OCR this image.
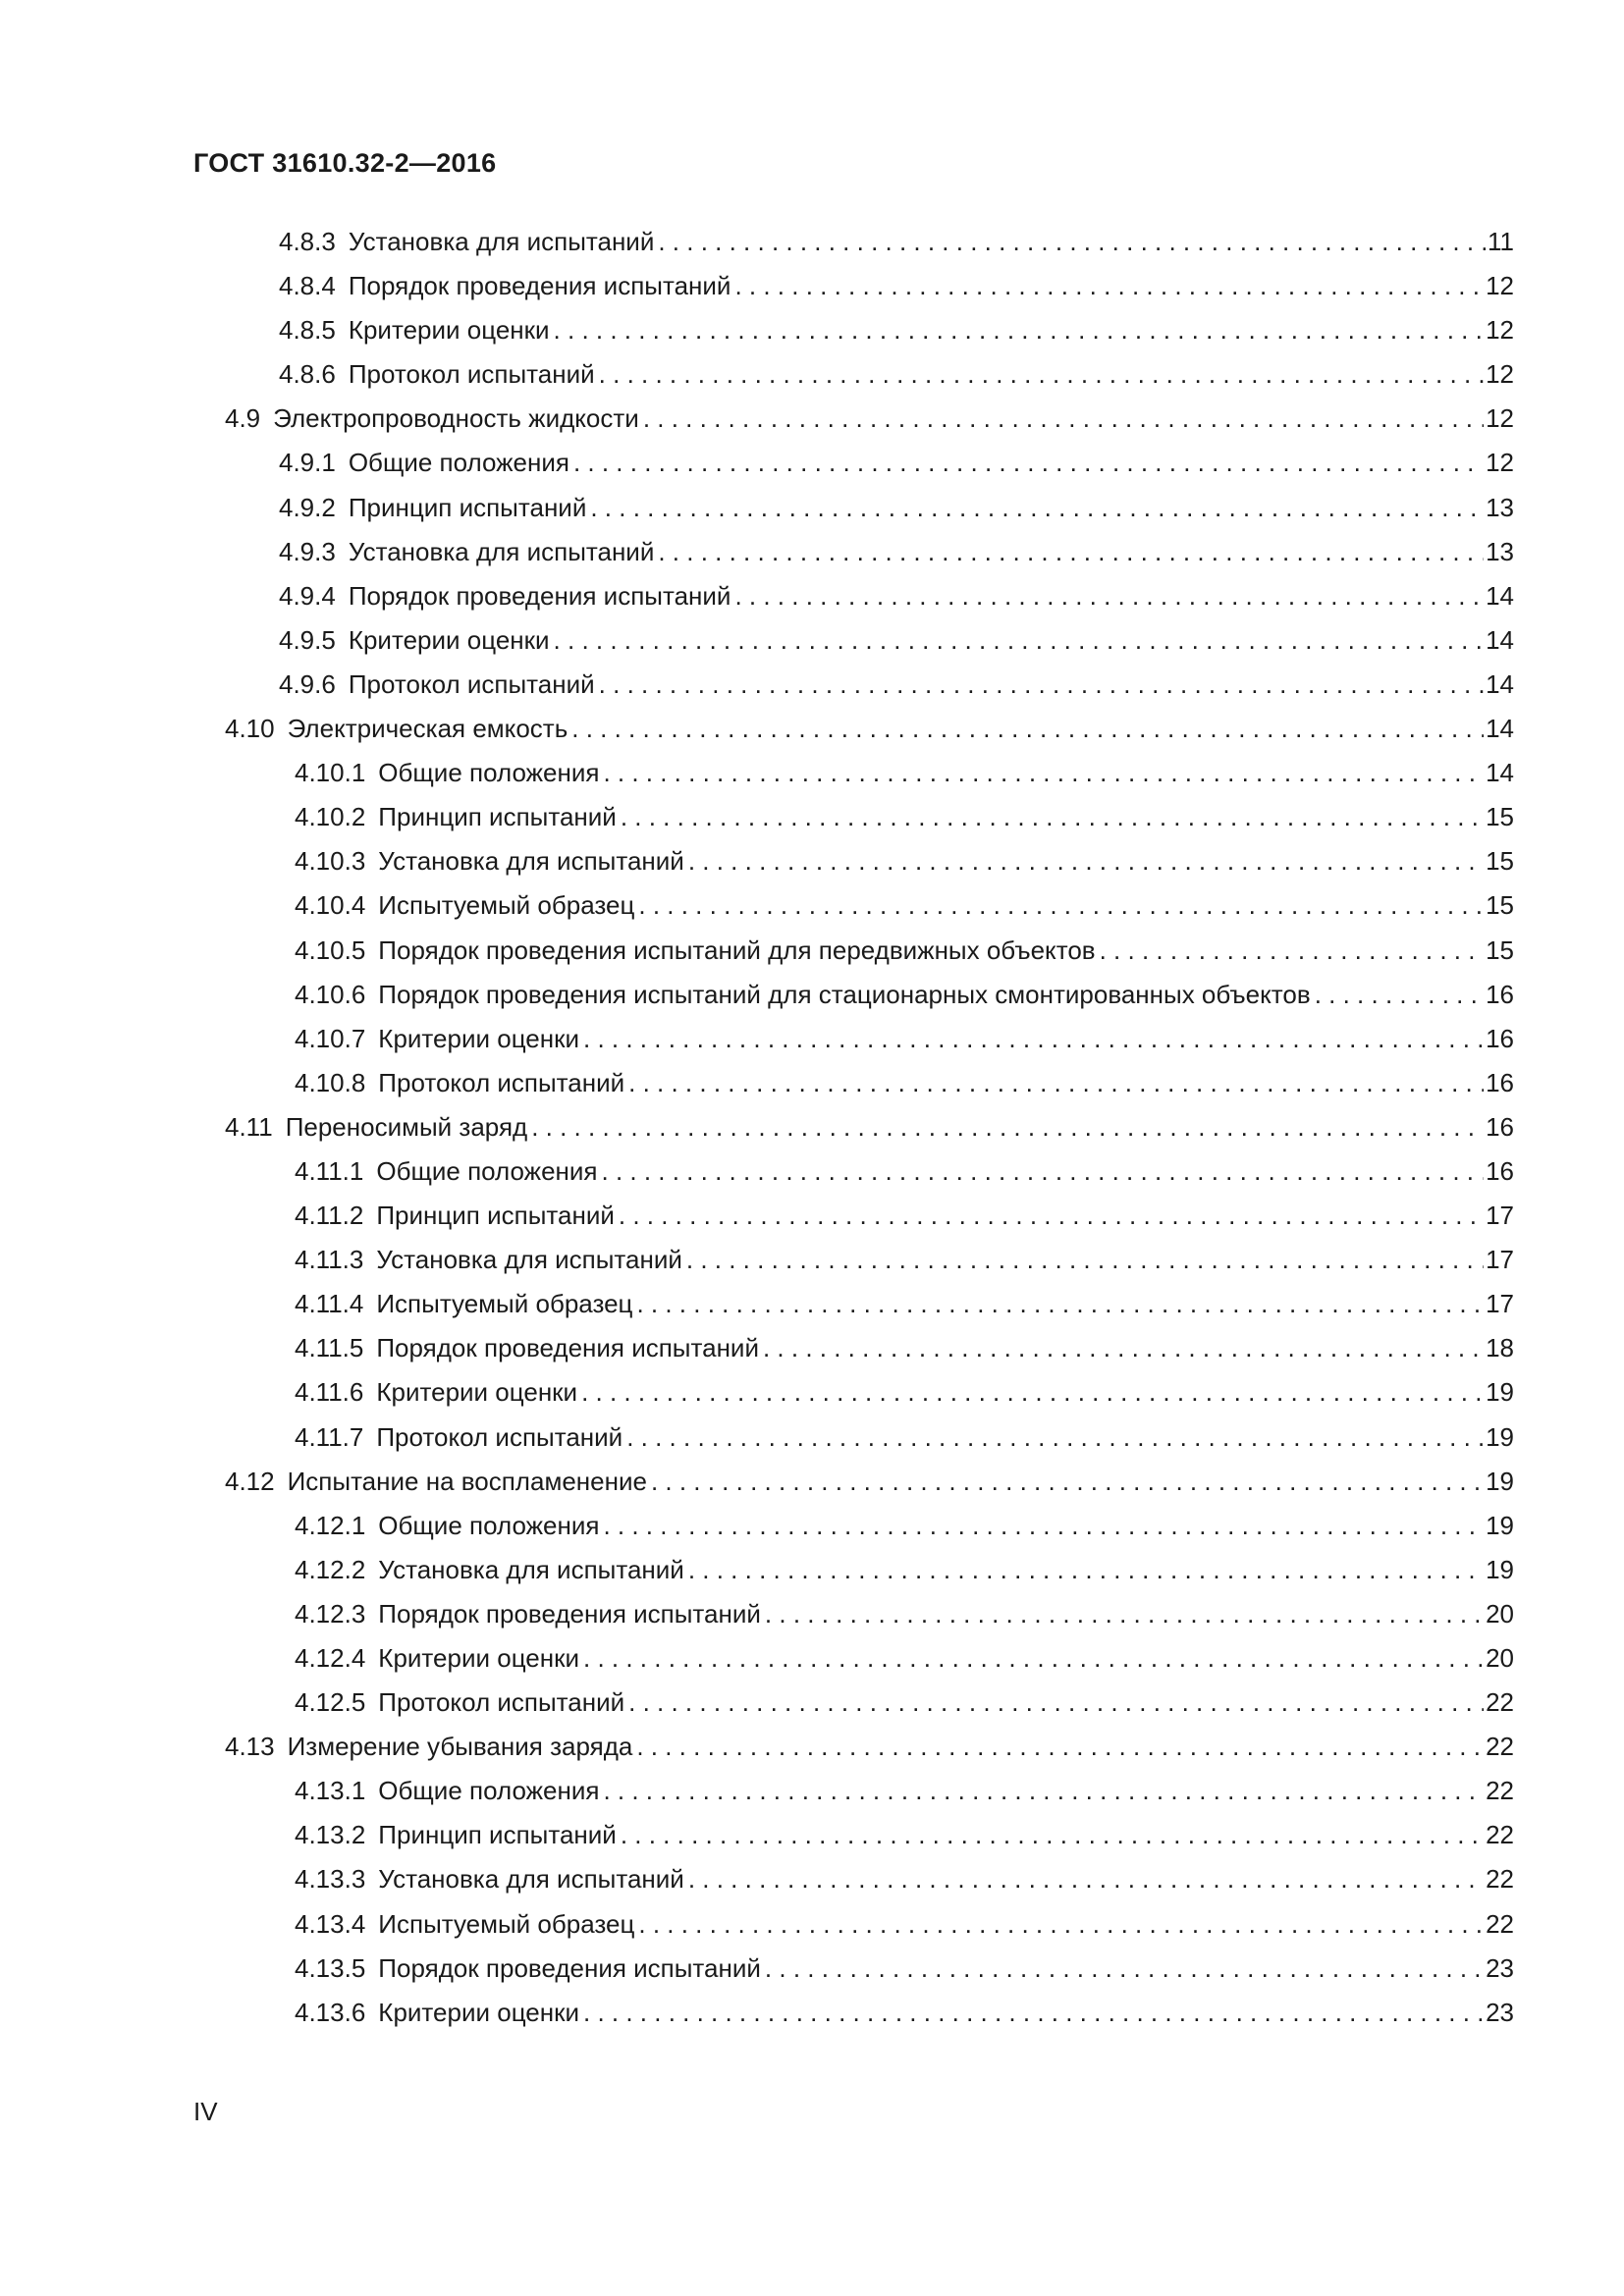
ГОСТ 31610.32-2—2016
4.8.3 Установка для испытаний . . .	11
4.8.4 Порядок проведения испытаний . . .	12
4.8.5 Критерии оценки . . .	12
4.8.6 Протокол испытаний . . .	12
4.9 Электропроводность жидкости . . .	12
4.9.1 Общие положения . . .	12
4.9.2 Принцип испытаний . . .	13
4.9.3 Установка для испытаний . . .	13
4.9.4 Порядок проведения испытаний . . .	14
4.9.5 Критерии оценки . . .	14
4.9.6 Протокол испытаний . . .	14
4.10 Электрическая емкость . . .	14
4.10.1 Общие положения . . .	14
4.10.2 Принцип испытаний . . .	15
4.10.3 Установка для испытаний . . .	15
4.10.4 Испытуемый образец . . .	15
4.10.5 Порядок проведения испытаний для передвижных объектов . . .	15
4.10.6 Порядок проведения испытаний для стационарных смонтированных объектов . . .	16
4.10.7 Критерии оценки . . .	16
4.10.8 Протокол испытаний . . .	16
4.11 Переносимый заряд . . .	16
4.11.1 Общие положения . . .	16
4.11.2 Принцип испытаний . . .	17
4.11.3 Установка для испытаний . . .	17
4.11.4 Испытуемый образец . . .	17
4.11.5 Порядок проведения испытаний . . .	18
4.11.6 Критерии оценки . . .	19
4.11.7 Протокол испытаний . . .	19
4.12 Испытание на воспламенение . . .	19
4.12.1 Общие положения . . .	19
4.12.2 Установка для испытаний . . .	19
4.12.3 Порядок проведения испытаний . . .	20
4.12.4 Критерии оценки . . .	20
4.12.5 Протокол испытаний . . .	22
4.13 Измерение убывания заряда . . .	22
4.13.1 Общие положения . . .	22
4.13.2 Принцип испытаний . . .	22
4.13.3 Установка для испытаний . . .	22
4.13.4 Испытуемый образец . . .	22
4.13.5 Порядок проведения испытаний . . .	23
4.13.6 Критерии оценки . . .	23
IV
